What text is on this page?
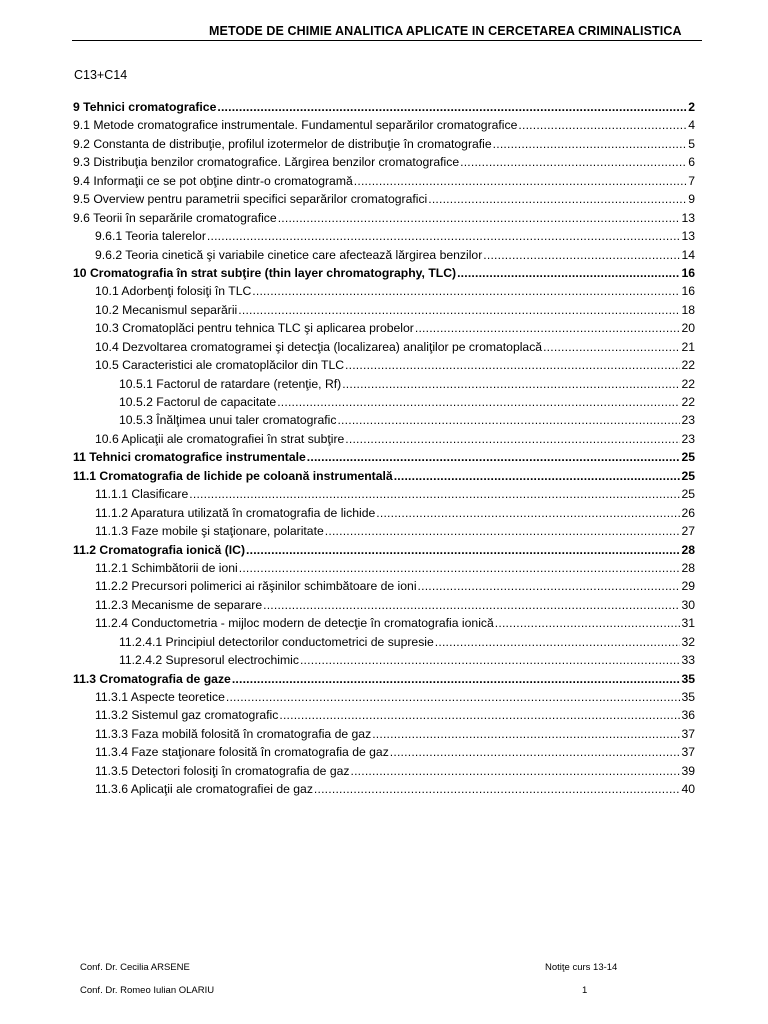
METODE DE CHIMIE ANALITICA APLICATE IN CERCETAREA CRIMINALISTICA
C13+C14
9 Tehnici cromatografice .....	2
9.1 Metode cromatografice instrumentale. Fundamentul separărilor cromatografice .....	4
9.2 Constanta de distribuţie, profilul izotermelor de distribuţie în cromatografie .....	5
9.3 Distribuţia benzilor cromatografice. Lărgirea benzilor cromatografice .....	6
9.4 Informaţii ce se pot obţine dintr-o cromatogramă .....	7
9.5 Overview pentru parametrii specifici separărilor cromatografici .....	9
9.6 Teorii în separările cromatografice .....	13
9.6.1 Teoria talerelor .....	13
9.6.2 Teoria cinetică şi variabile cinetice care afectează lărgirea benzilor .....	14
10 Cromatografia în strat subţire (thin layer chromatography, TLC) .....	16
10.1 Adorbenţi folosiţi în TLC .....	16
10.2 Mecanismul separării .....	18
10.3 Cromatoplăci pentru tehnica TLC şi aplicarea probelor .....	20
10.4 Dezvoltarea cromatogramei şi detecţia (localizarea) analiţilor pe cromatoplacă .....	21
10.5 Caracteristici ale cromatoplăcilor din TLC .....	22
10.5.1 Factorul de ratardare (retenţie, Rf) .....	22
10.5.2 Factorul de capacitate .....	22
10.5.3 Înălţimea unui taler cromatografic .....	23
10.6 Aplicaţii ale cromatografiei în strat subţire .....	23
11 Tehnici cromatografice instrumentale .....	25
11.1 Cromatografia de lichide pe coloană instrumentală .....	25
11.1.1 Clasificare .....	25
11.1.2 Aparatura utilizată în cromatografia de lichide .....	26
11.1.3 Faze mobile şi staţionare, polaritate .....	27
11.2 Cromatografia ionică (IC) .....	28
11.2.1 Schimbătorii de ioni .....	28
11.2.2 Precursori polimerici ai răşinilor schimbătoare de ioni .....	29
11.2.3 Mecanisme de separare .....	30
11.2.4 Conductometria - mijloc modern de detecţie în cromatografia ionică .....	31
11.2.4.1 Principiul detectorilor conductometrici de supresie .....	32
11.2.4.2 Supresorul electrochimic .....	33
11.3 Cromatografia de gaze .....	35
11.3.1 Aspecte teoretice .....	35
11.3.2 Sistemul gaz cromatografic .....	36
11.3.3 Faza mobilă folosită în cromatografia de gaz .....	37
11.3.4 Faze staţionare folosită în cromatografia de gaz .....	37
11.3.5 Detectori folosiţi în cromatografia de gaz .....	39
11.3.6 Aplicaţii ale cromatografiei de gaz .....	40
Conf. Dr. Cecilia ARSENE	Notiţe curs 13-14
Conf. Dr. Romeo Iulian OLARIU	1
